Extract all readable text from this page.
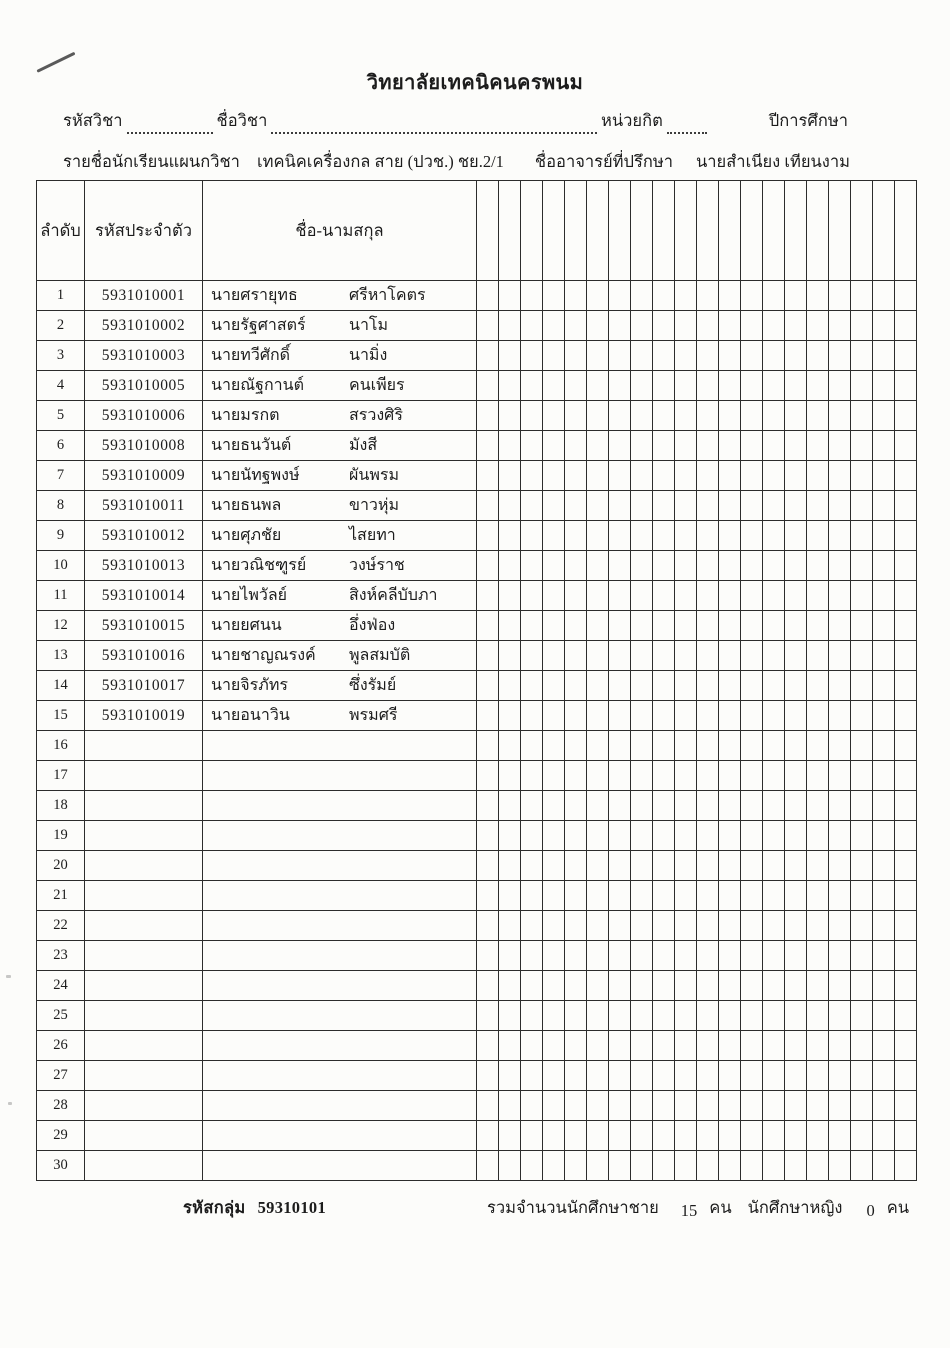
วิทยาลัยเทคนิคนครพนม
รหัสวิชา	ชื่อวิชา	หน่วยกิต	ปีการศึกษา
รายชื่อนักเรียนแผนกวิชา เทคนิคเครื่องกล สาย (ปวช.) ชย.2/1 ชื่ออาจารย์ที่ปรึกษา นายสำเนียง เทียนงาม
ลำดับ	รหัสประจำตัว	ชื่อ-นามสกุล																				
1	5931010001	นายศรายุทธ ศรีหาโคตร																				
2	5931010002	นายรัฐศาสตร์ นาโม																				
3	5931010003	นายทวีศักดิ์ นามิ่ง																				
4	5931010005	นายณัฐกานต์ คนเพียร																				
5	5931010006	นายมรกต สรวงศิริ																				
6	5931010008	นายธนวันต์ มังสี																				
7	5931010009	นายนัทฐพงษ์ ผันพรม																				
8	5931010011	นายธนพล ขาวหุ่ม																				
9	5931010012	นายศุภชัย ไสยทา																				
10	5931010013	นายวณิชฑูรย์ วงษ์ราช																				
11	5931010014	นายไพวัลย์ สิงห์คลีบับภา																				
12	5931010015	นายยศนน อึ่งฟ่อง																				
13	5931010016	นายชาญณรงค์ พูลสมบัติ																				
14	5931010017	นายจิรภัทร ซึ่งรัมย์																				
15	5931010019	นายอนาวิน พรมศรี																				
16																						
17																						
18																						
19																						
20																						
21																						
22																						
23																						
24																						
25																						
26																						
27																						
28																						
29																						
30																						
รหัสกลุ่ม 59310101	รวมจำนวนนักศึกษาชาย 15 คน นักศึกษาหญิง 0 คน
